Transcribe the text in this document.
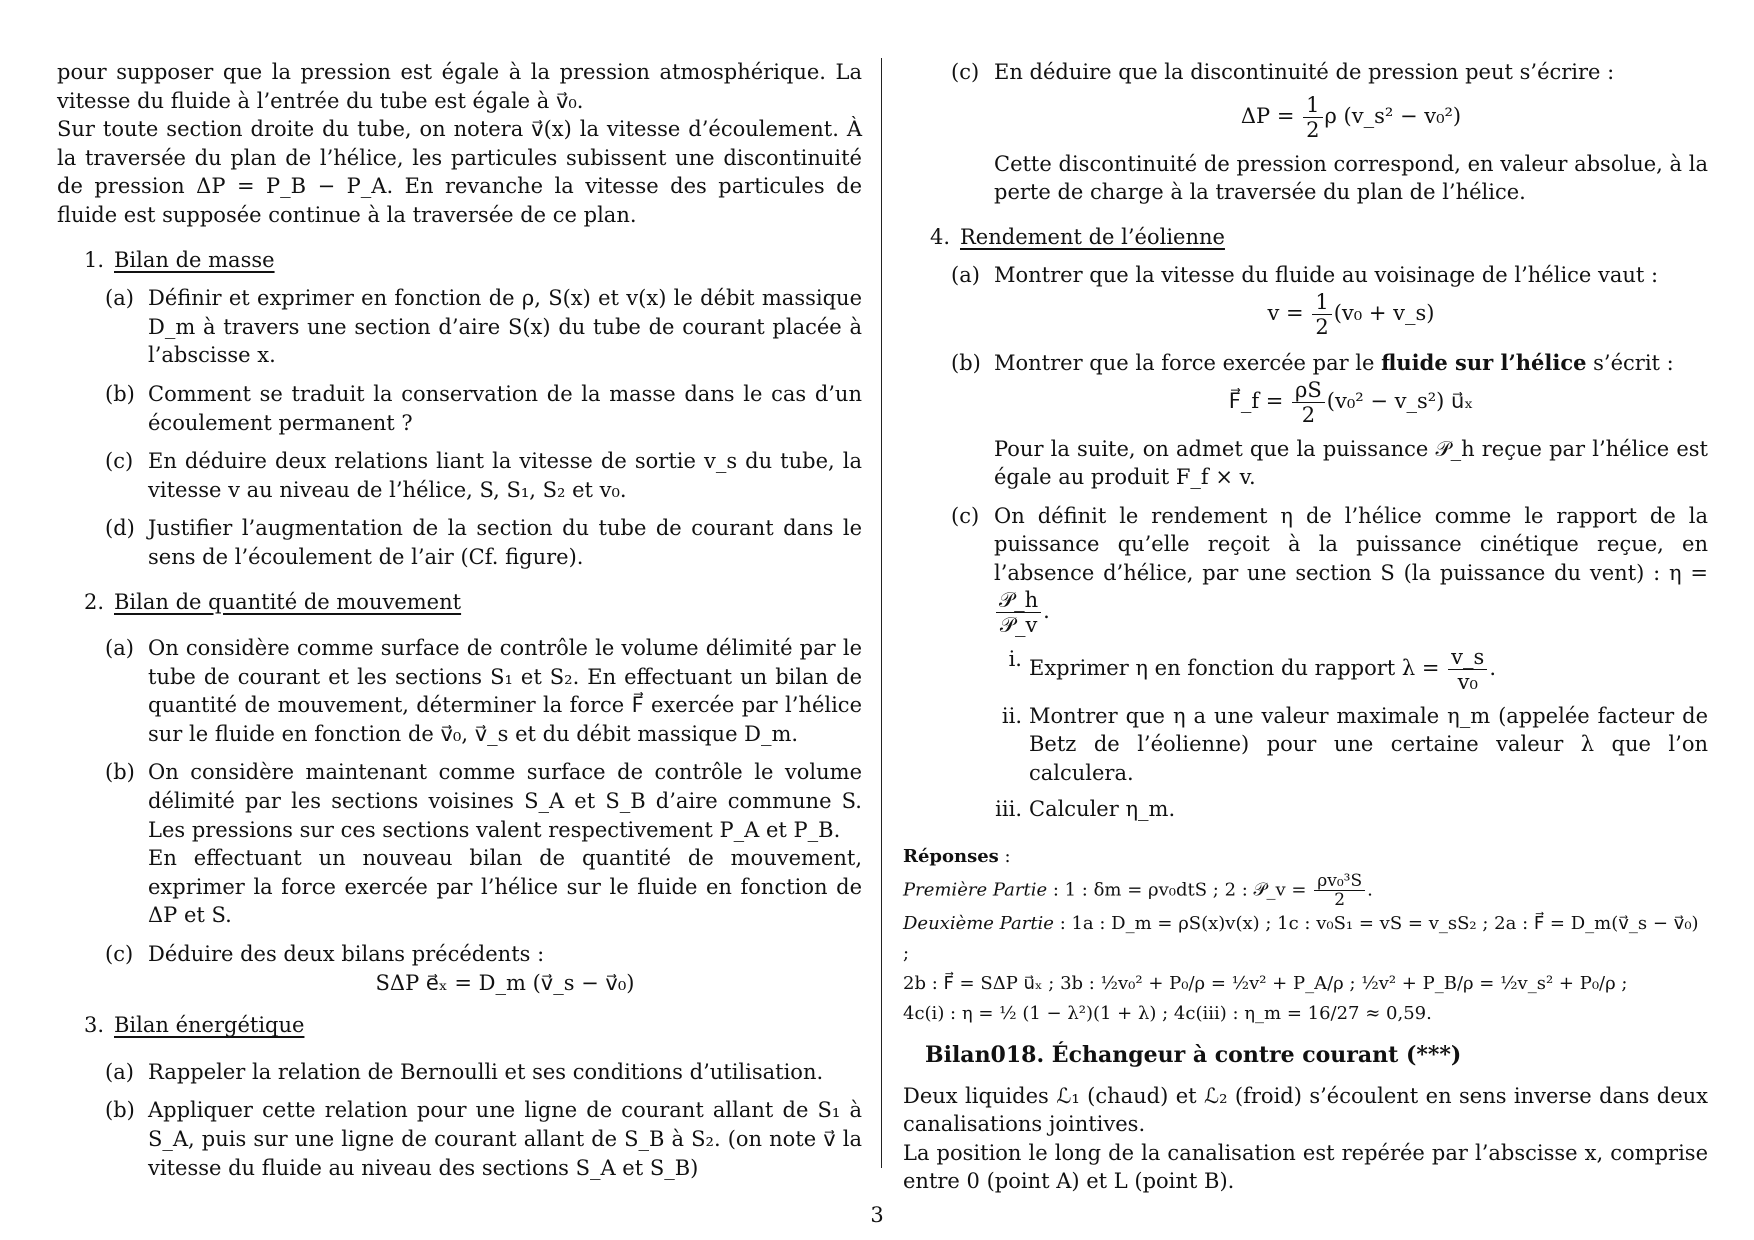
pour supposer que la pression est égale à la pression atmosphérique. La vitesse du fluide à l’entrée du tube est égale à v⃗₀.

Sur toute section droite du tube, on notera v⃗(x) la vitesse d’écoulement. À la traversée du plan de l’hélice, les particules subissent une discontinuité de pression ΔP = P_B − P_A. En revanche la vitesse des particules de fluide est supposée continue à la traversée de ce plan.

1. Bilan de masse
(a) Définir et exprimer en fonction de ρ, S(x) et v(x) le débit massique D_m à travers une section d’aire S(x) du tube de courant placée à l’abscisse x.
(b) Comment se traduit la conservation de la masse dans le cas d’un écoulement permanent ?
(c) En déduire deux relations liant la vitesse de sortie v_s du tube, la vitesse v au niveau de l’hélice, S, S₁, S₂ et v₀.
(d) Justifier l’augmentation de la section du tube de courant dans le sens de l’écoulement de l’air (Cf. figure).
2. Bilan de quantité de mouvement
(a) On considère comme surface de contrôle le volume délimité par le tube de courant et les sections S₁ et S₂. En effectuant un bilan de quantité de mouvement, déterminer la force F⃗ exercée par l’hélice sur le fluide en fonction de v⃗₀, v⃗_s et du débit massique D_m.
(b) On considère maintenant comme surface de contrôle le volume délimité par les sections voisines S_A et S_B d’aire commune S. Les pressions sur ces sections valent respectivement P_A et P_B.
En effectuant un nouveau bilan de quantité de mouvement, exprimer la force exercée par l’hélice sur le fluide en fonction de ΔP et S.
(c) Déduire des deux bilans précédents :
SΔP e⃗ₓ = D_m (v⃗_s − v⃗₀)
3. Bilan énergétique
(a) Rappeler la relation de Bernoulli et ses conditions d’utilisation.
(b) Appliquer cette relation pour une ligne de courant allant de S₁ à S_A, puis sur une ligne de courant allant de S_B à S₂. (on note v⃗ la vitesse du fluide au niveau des sections S_A et S_B)
(c) En déduire que la discontinuité de pression peut s’écrire :
$\Delta P = \frac{1}{2}$ ρ (v_s² − v₀²)
Cette discontinuité de pression correspond, en valeur absolue, à la perte de charge à la traversée du plan de l’hélice.
4. Rendement de l’éolienne
(a) Montrer que la vitesse du fluide au voisinage de l’hélice vaut :
$v = \frac{1}{2} (v_0$ + v_s)
(b) Montrer que la force exercée par le fluide sur l’hélice s’écrit :
F⃗_f = $\frac{\rho S}{2} (v_0^2$ − v_s²) u⃗ₓ
Pour la suite, on admet que la puissance 𝒫_h reçue par l’hélice est égale au produit F_f × v.
(c) On définit le rendement η de l’hélice comme le rapport de la puissance qu’elle reçoit à la puissance cinétique reçue, en l’absence d’hélice, par une section S (la puissance du vent) : η =
$\frac{\text{𝒫\_h}}{\text{𝒫\_v}}$ .
i. Exprimer η en fonction du rapport $\lambda = \frac{v\_s}{\text{v₀}}$ .
ii. Montrer que η a une valeur maximale η_m (appelée facteur de Betz de l’éolienne) pour une certaine valeur λ que l’on calculera.
iii. Calculer η_m.
Réponses :
Première Partie : 1 : δm = ρv₀dtS ; 2 : 𝒫_v = $\frac{\text{ρv₀³S}}{2}$ .
Deuxième Partie : 1a : D_m = ρS(x)v(x) ; 1c : v₀S₁ = vS = v_sS₂ ; 2a : F⃗ = D_m(v⃗_s − v⃗₀) ;
2b : F⃗ = SΔP u⃗ₓ ; 3b : ½v₀² + P₀/ρ = ½v² + P_A/ρ ; ½v² + P_B/ρ = ½v_s² + P₀/ρ ;
4c(i) : η = ½ (1 − λ²)(1 + λ) ; 4c(iii) : η_m = 16/27 ≈ 0,59.
Bilan018. Échangeur à contre courant (***)

Deux liquides ℒ₁ (chaud) et ℒ₂ (froid) s’écoulent en sens inverse dans deux canalisations jointives.

La position le long de la canalisation est repérée par l’abscisse x, comprise entre 0 (point A) et L (point B).

3
